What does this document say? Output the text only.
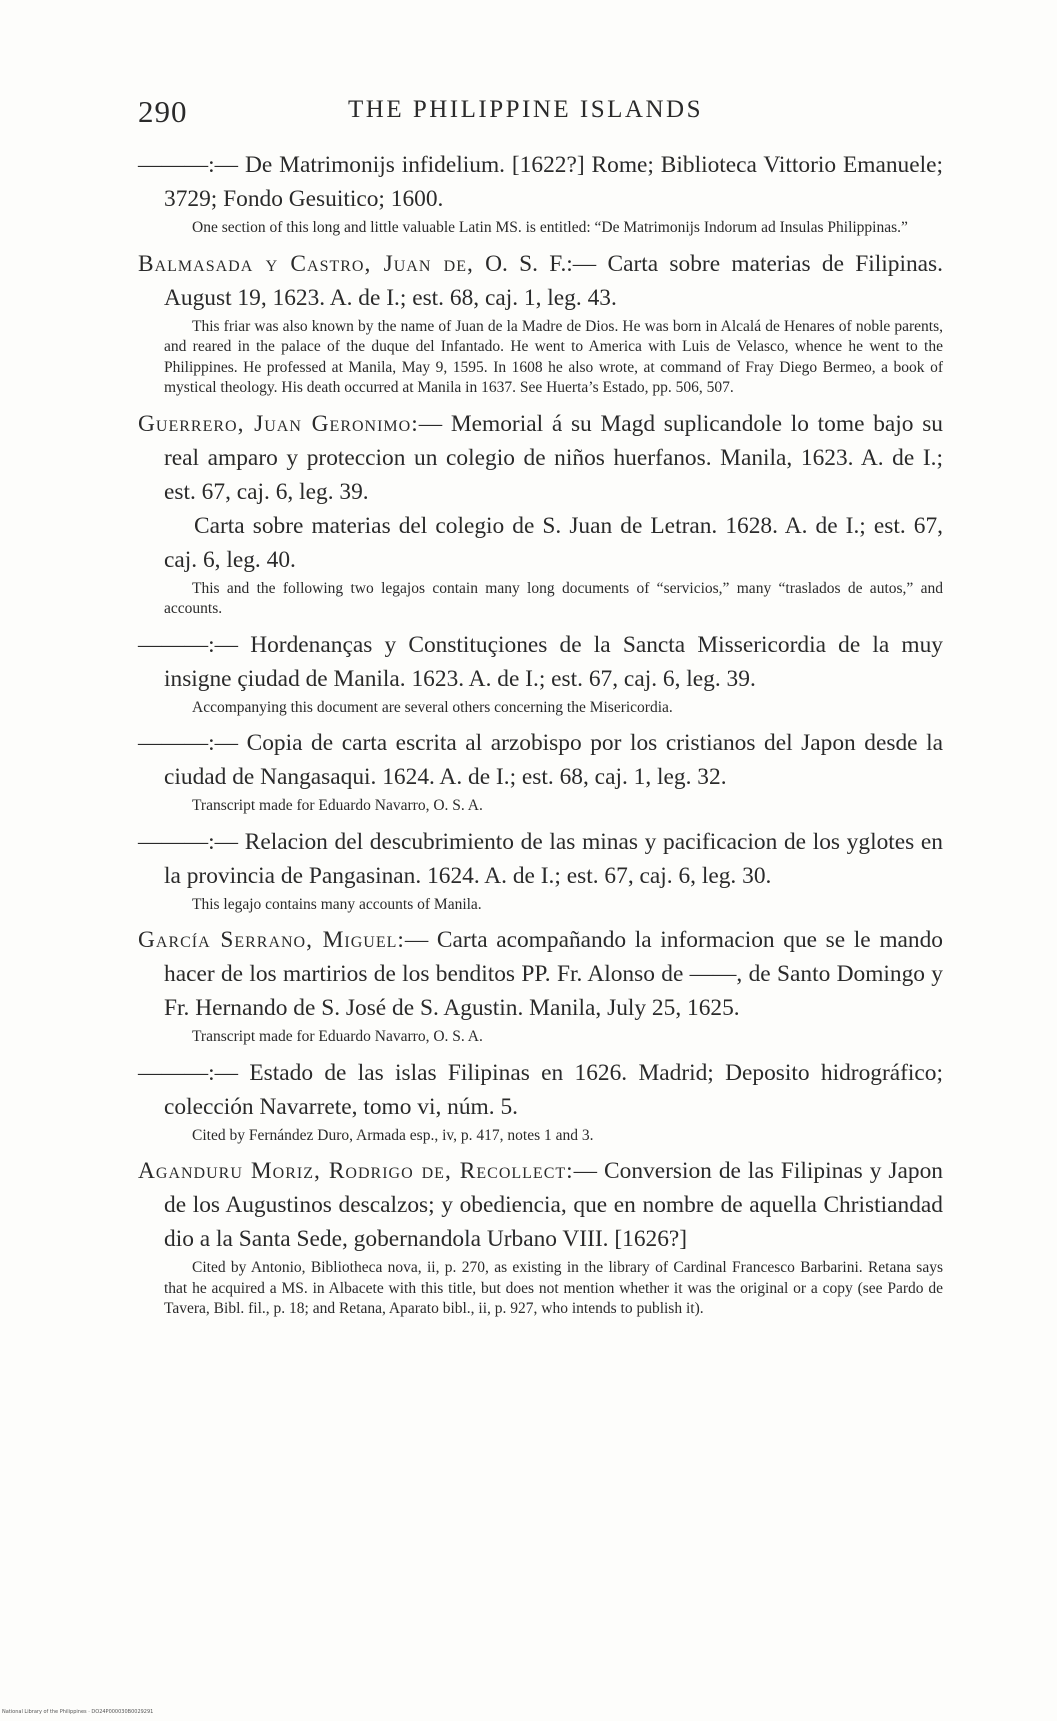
290	THE PHILIPPINE ISLANDS

———:— De Matrimonijs infidelium. [1622?] Rome; Biblioteca Vittorio Emanuele; 3729; Fondo Gesuitico; 1600.

One section of this long and little valuable Latin MS. is entitled: “De Matrimonijs Indorum ad Insulas Philippinas.”

Balmasada y Castro, Juan de, O. S. F.:— Carta sobre materias de Filipinas. August 19, 1623. A. de I.; est. 68, caj. 1, leg. 43.

This friar was also known by the name of Juan de la Madre de Dios. He was born in Alcalá de Henares of noble parents, and reared in the palace of the duque del Infantado. He went to America with Luis de Velasco, whence he went to the Philippines. He professed at Manila, May 9, 1595. In 1608 he also wrote, at command of Fray Diego Bermeo, a book of mystical theology. His death occurred at Manila in 1637. See Huerta’s Estado, pp. 506, 507.

Guerrero, Juan Geronimo:— Memorial á su Magd suplicandole lo tome bajo su real amparo y proteccion un colegio de niños huerfanos. Manila, 1623. A. de I.; est. 67, caj. 6, leg. 39.

Carta sobre materias del colegio de S. Juan de Letran. 1628. A. de I.; est. 67, caj. 6, leg. 40.

This and the following two legajos contain many long documents of “servicios,” many “traslados de autos,” and accounts.

———:— Hordenanças y Constituçiones de la Sancta Missericordia de la muy insigne çiudad de Manila. 1623. A. de I.; est. 67, caj. 6, leg. 39.

Accompanying this document are several others concerning the Misericordia.

———:— Copia de carta escrita al arzobispo por los cristianos del Japon desde la ciudad de Nangasaqui. 1624. A. de I.; est. 68, caj. 1, leg. 32.

Transcript made for Eduardo Navarro, O. S. A.

———:— Relacion del descubrimiento de las minas y pacificacion de los yglotes en la provincia de Pangasinan. 1624. A. de I.; est. 67, caj. 6, leg. 30.

This legajo contains many accounts of Manila.

García Serrano, Miguel:— Carta acompañando la informacion que se le mando hacer de los martirios de los benditos PP. Fr. Alonso de ——, de Santo Domingo y Fr. Hernando de S. José de S. Agustin. Manila, July 25, 1625.

Transcript made for Eduardo Navarro, O. S. A.

———:— Estado de las islas Filipinas en 1626. Madrid; Deposito hidrográfico; colección Navarrete, tomo vi, núm. 5.

Cited by Fernández Duro, Armada esp., iv, p. 417, notes 1 and 3.

Aganduru Moriz, Rodrigo de, Recollect:— Conversion de las Filipinas y Japon de los Augustinos descalzos; y obediencia, que en nombre de aquella Christiandad dio a la Santa Sede, gobernandola Urbano VIII. [1626?]

Cited by Antonio, Bibliotheca nova, ii, p. 270, as existing in the library of Cardinal Francesco Barbarini. Retana says that he acquired a MS. in Albacete with this title, but does not mention whether it was the original or a copy (see Pardo de Tavera, Bibl. fil., p. 18; and Retana, Aparato bibl., ii, p. 927, who intends to publish it).

National Library of the Philippines · DO24P000030B0029291
